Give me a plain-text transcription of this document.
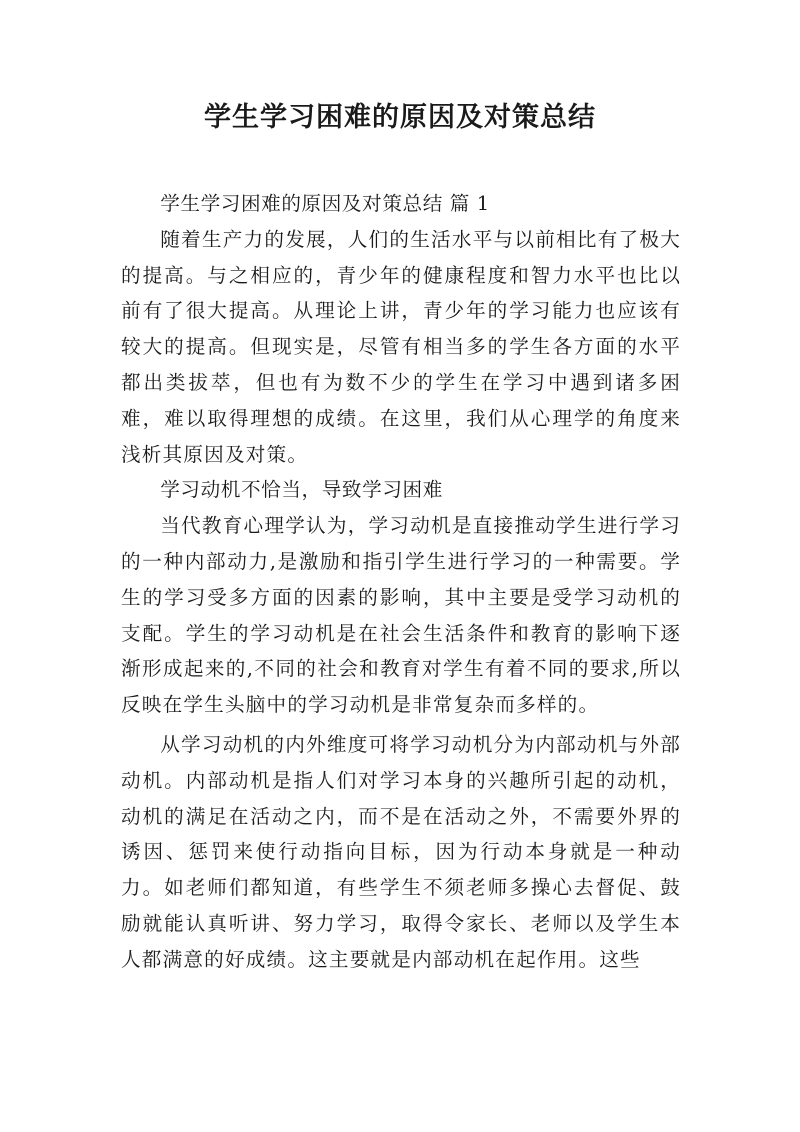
学生学习困难的原因及对策总结

学生学习困难的原因及对策总结 篇 1

随着生产力的发展，人们的生活水平与以前相比有了极大的提高。与之相应的，青少年的健康程度和智力水平也比以前有了很大提高。从理论上讲，青少年的学习能力也应该有较大的提高。但现实是，尽管有相当多的学生各方面的水平都出类拔萃，但也有为数不少的学生在学习中遇到诸多困难，难以取得理想的成绩。在这里，我们从心理学的角度来浅析其原因及对策。

学习动机不恰当，导致学习困难

当代教育心理学认为，学习动机是直接推动学生进行学习的一种内部动力,是激励和指引学生进行学习的一种需要。学生的学习受多方面的因素的影响，其中主要是受学习动机的支配。学生的学习动机是在社会生活条件和教育的影响下逐渐形成起来的,不同的社会和教育对学生有着不同的要求,所以反映在学生头脑中的学习动机是非常复杂而多样的。

从学习动机的内外维度可将学习动机分为内部动机与外部动机。内部动机是指人们对学习本身的兴趣所引起的动机，动机的满足在活动之内，而不是在活动之外，不需要外界的诱因、惩罚来使行动指向目标，因为行动本身就是一种动力。如老师们都知道，有些学生不须老师多操心去督促、鼓励就能认真听讲、努力学习，取得令家长、老师以及学生本人都满意的好成绩。这主要就是内部动机在起作用。这些
